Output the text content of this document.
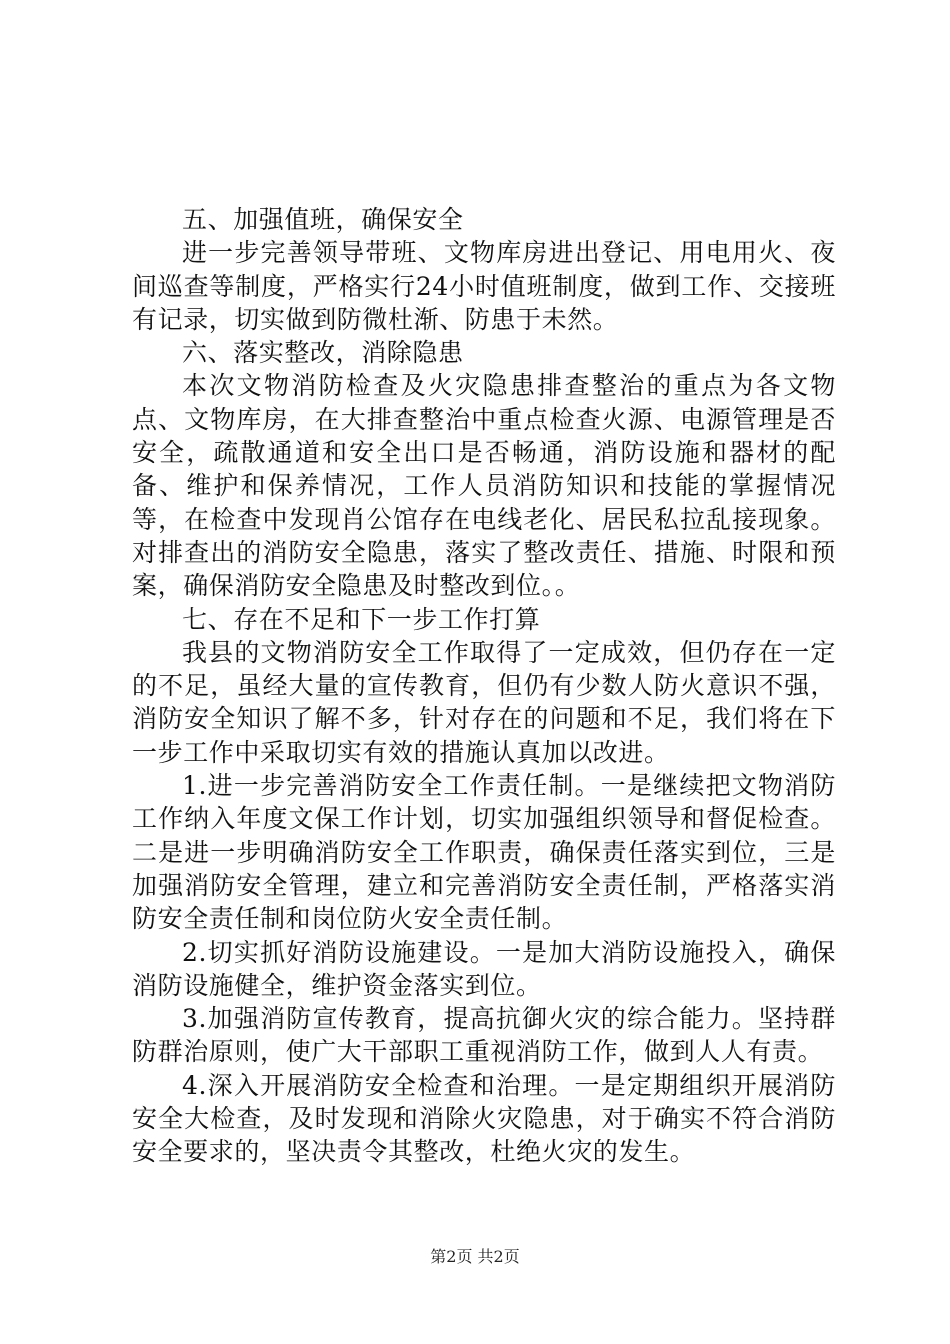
五、加强值班，确保安全

进一步完善领导带班、文物库房进出登记、用电用火、夜间巡查等制度，严格实行24小时值班制度，做到工作、交接班有记录，切实做到防微杜渐、防患于未然。

六、落实整改，消除隐患

本次文物消防检查及火灾隐患排查整治的重点为各文物点、文物库房，在大排查整治中重点检查火源、电源管理是否安全，疏散通道和安全出口是否畅通，消防设施和器材的配备、维护和保养情况，工作人员消防知识和技能的掌握情况等，在检查中发现肖公馆存在电线老化、居民私拉乱接现象。对排查出的消防安全隐患，落实了整改责任、措施、时限和预案，确保消防安全隐患及时整改到位。。

七、存在不足和下一步工作打算

我县的文物消防安全工作取得了一定成效，但仍存在一定的不足，虽经大量的宣传教育，但仍有少数人防火意识不强，消防安全知识了解不多，针对存在的问题和不足，我们将在下一步工作中采取切实有效的措施认真加以改进。

1.进一步完善消防安全工作责任制。一是继续把文物消防工作纳入年度文保工作计划，切实加强组织领导和督促检查。二是进一步明确消防安全工作职责，确保责任落实到位，三是加强消防安全管理，建立和完善消防安全责任制，严格落实消防安全责任制和岗位防火安全责任制。

2.切实抓好消防设施建设。一是加大消防设施投入，确保消防设施健全，维护资金落实到位。

3.加强消防宣传教育，提高抗御火灾的综合能力。坚持群防群治原则，使广大干部职工重视消防工作，做到人人有责。

4.深入开展消防安全检查和治理。一是定期组织开展消防安全大检查，及时发现和消除火灾隐患，对于确实不符合消防安全要求的，坚决责令其整改，杜绝火灾的发生。

第2页 共2页
